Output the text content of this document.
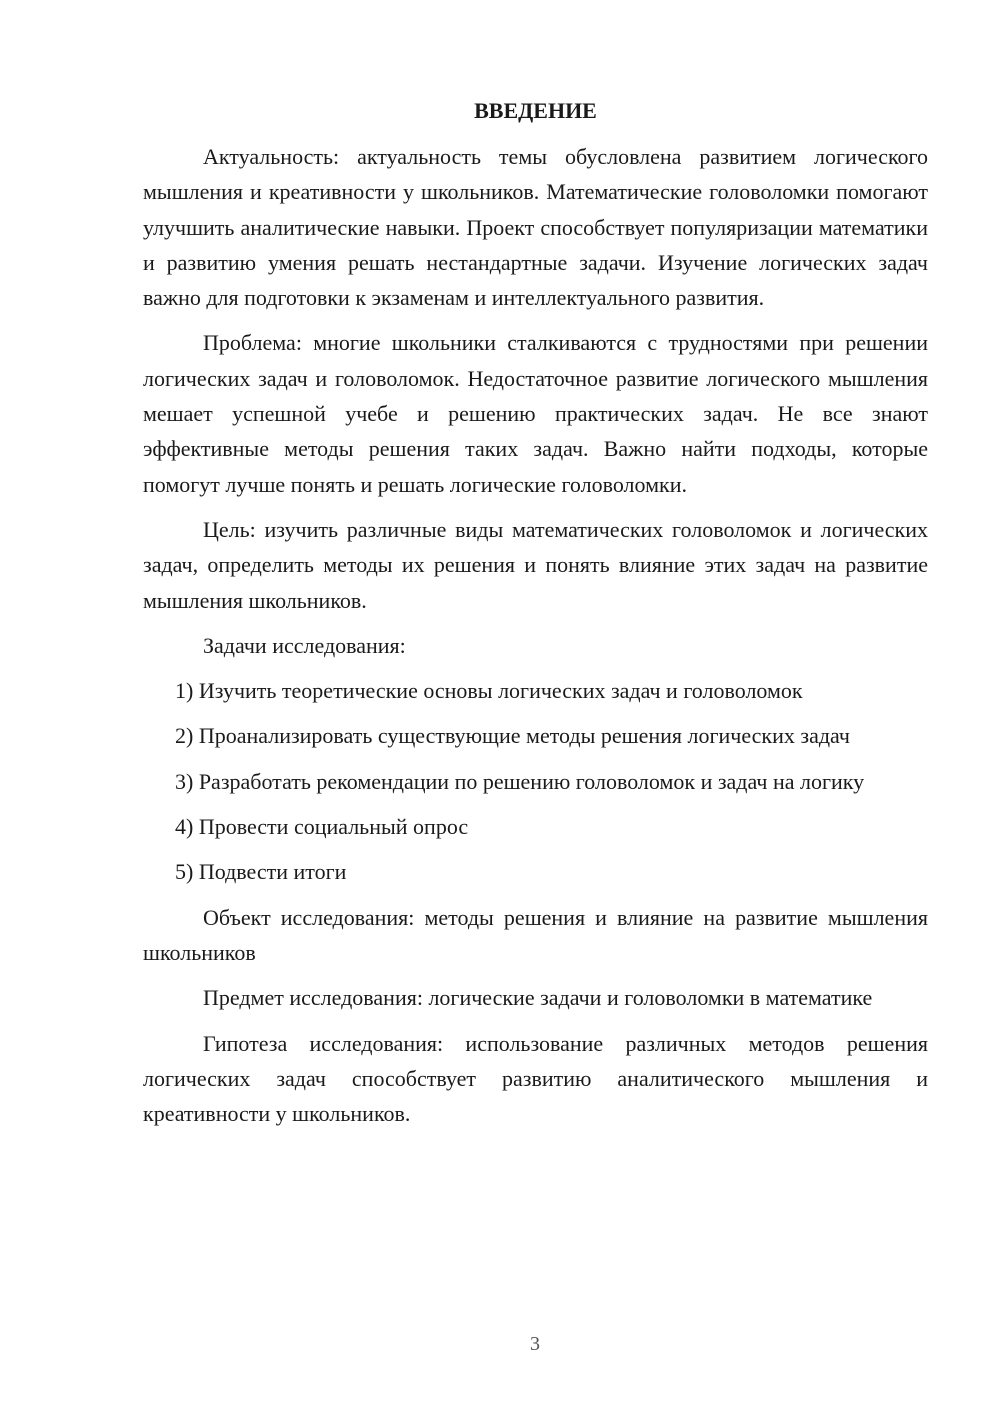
ВВЕДЕНИЕ

Актуальность: актуальность темы обусловлена развитием логического мышления и креативности у школьников. Математические головоломки помогают улучшить аналитические навыки. Проект способствует популяризации математики и развитию умения решать нестандартные задачи. Изучение логических задач важно для подготовки к экзаменам и интеллектуального развития.

Проблема: многие школьники сталкиваются с трудностями при решении логических задач и головоломок. Недостаточное развитие логического мышления мешает успешной учебе и решению практических задач. Не все знают эффективные методы решения таких задач. Важно найти подходы, которые помогут лучше понять и решать логические головоломки.

Цель: изучить различные виды математических головоломок и логических задач, определить методы их решения и понять влияние этих задач на развитие мышления школьников.

Задачи исследования:

1) Изучить теоретические основы логических задач и головоломок

2) Проанализировать существующие методы решения логических задач

3) Разработать рекомендации по решению головоломок и задач на логику

4) Провести социальный опрос

5) Подвести итоги

Объект исследования: методы решения и влияние на развитие мышления школьников

Предмет исследования: логические задачи и головоломки в математике

Гипотеза исследования: использование различных методов решения логических задач способствует развитию аналитического мышления и креативности у школьников.

3
